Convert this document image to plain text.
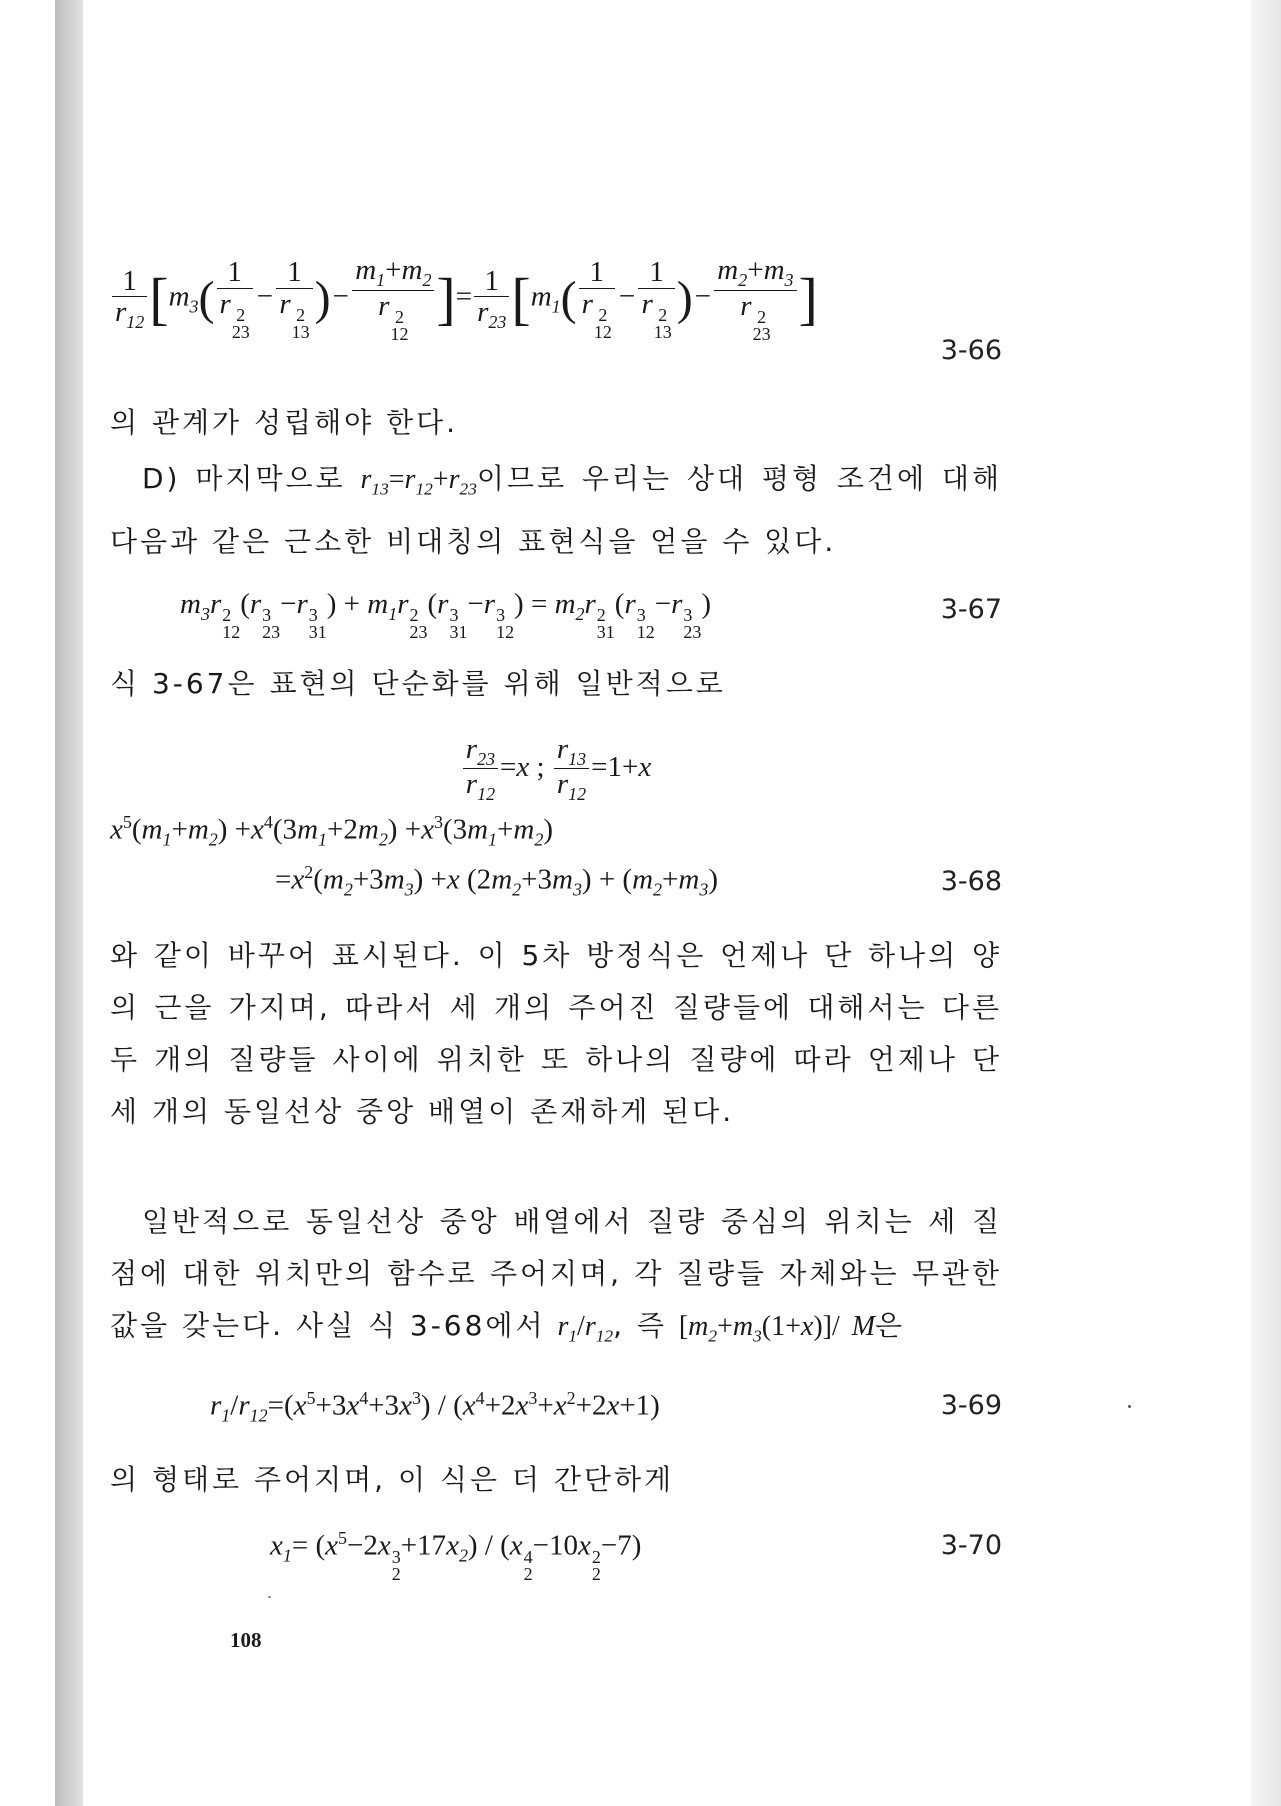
$\frac{1}{r_{12}} [m_3$( 1
r 2
23 − 1
r 2
13 )− $m_1+m_2$
r 2
12 ]= $\frac{1}{r_{23}} [m_1$( 1
r 2
12 − 1
r 2
13 )− $m_2+m_3$
r 2
23 ]
3-66

의 관계가 성립해야 한다.

D) 마지막으로 $r_{13}=r_{12}+r_{23}$이므로 우리는 상대 평형 조건에 대해 다음과 같은 근소한 비대칭의 표현식을 얻을 수 있다.

$m_3r$ 2
12
(r 3
23
−r 3
31
) + $m_1r$ 2
23
(r 3
31
−r 3
12
) = $m_2r$ 2
31
(r 3
12
−r 3
23
)	3-67

식 3-67은 표현의 단순화를 위해 일반적으로

$\frac{r_{23}}{r_{12}} =x$ ; $\frac{r_{13}}{r_{12}} =1+x$
$x^5(m_1+m_2) +x^4(3m_1+2m_2) +x^3(3m_1+m_2)$
$=x^2(m_2+3m_3) +x$ $(2m_2+3m_3) + (m_2+m_3)$	3-68

와 같이 바꾸어 표시된다. 이 5차 방정식은 언제나 단 하나의 양의 근을 가지며, 따라서 세 개의 주어진 질량들에 대해서는 다른 두 개의 질량들 사이에 위치한 또 하나의 질량에 따라 언제나 단 세 개의 동일선상 중앙 배열이 존재하게 된다.

일반적으로 동일선상 중앙 배열에서 질량 중심의 위치는 세 질점에 대한 위치만의 함수로 주어지며, 각 질량들 자체와는 무관한 값을 갖는다. 사실 식 3-68에서 $r_1/r_{12}$, 즉 $[m_2+m_3(1+x)]/$ M은

$r_1/r_{12}=(x^5+3x^4+3x^3) / (x^4+2x^3+x^2+2x+1)$	3-69

의 형태로 주어지며, 이 식은 더 간단하게

$x_1= (x^5-2x$ 3
2
$+17x_2) / (x$ 4
2
−10x 2
2
−7)	3-70
108
